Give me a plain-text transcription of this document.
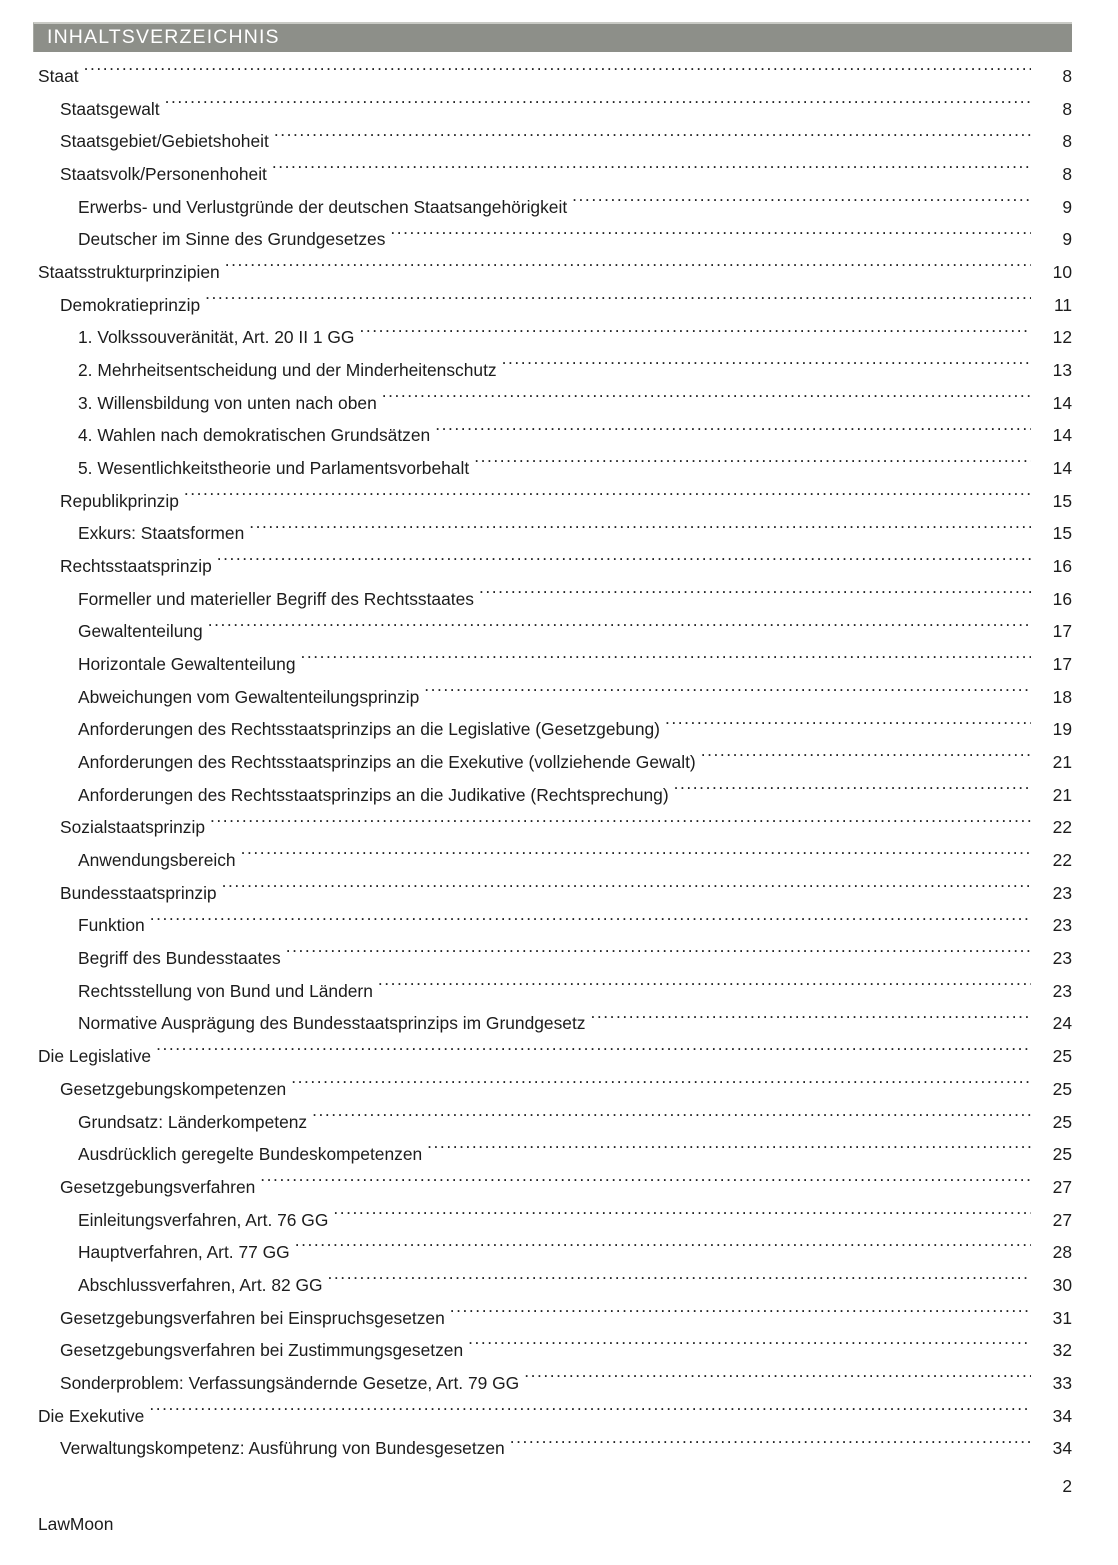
INHALTSVERZEICHNIS
Staat .....	8
Staatsgewalt .....	8
Staatsgebiet/Gebietshoheit .....	8
Staatsvolk/Personenhoheit .....	8
Erwerbs- und Verlustgründe der deutschen Staatsangehörigkeit .....	9
Deutscher im Sinne des Grundgesetzes .....	9
Staatsstrukturprinzipien .....	10
Demokratieprinzip .....	11
1. Volkssouveränität, Art. 20 II 1 GG .....	12
2. Mehrheitsentscheidung und der Minderheitenschutz .....	13
3. Willensbildung von unten nach oben .....	14
4. Wahlen nach demokratischen Grundsätzen .....	14
5. Wesentlichkeitstheorie und Parlamentsvorbehalt .....	14
Republikprinzip .....	15
Exkurs: Staatsformen .....	15
Rechtsstaatsprinzip .....	16
Formeller und materieller Begriff des Rechtsstaates .....	16
Gewaltenteilung .....	17
Horizontale Gewaltenteilung .....	17
Abweichungen vom Gewaltenteilungsprinzip .....	18
Anforderungen des Rechtsstaatsprinzips an die Legislative (Gesetzgebung) .....	19
Anforderungen des Rechtsstaatsprinzips an die Exekutive (vollziehende Gewalt) .....	21
Anforderungen des Rechtsstaatsprinzips an die Judikative (Rechtsprechung) .....	21
Sozialstaatsprinzip .....	22
Anwendungsbereich .....	22
Bundesstaatsprinzip .....	23
Funktion .....	23
Begriff des Bundesstaates .....	23
Rechtsstellung von Bund und Ländern .....	23
Normative Ausprägung des Bundesstaatsprinzips im Grundgesetz .....	24
Die Legislative .....	25
Gesetzgebungskompetenzen .....	25
Grundsatz: Länderkompetenz .....	25
Ausdrücklich geregelte Bundeskompetenzen .....	25
Gesetzgebungsverfahren .....	27
Einleitungsverfahren, Art. 76 GG .....	27
Hauptverfahren, Art. 77 GG .....	28
Abschlussverfahren, Art. 82 GG .....	30
Gesetzgebungsverfahren bei Einspruchsgesetzen .....	31
Gesetzgebungsverfahren bei Zustimmungsgesetzen .....	32
Sonderproblem: Verfassungsändernde Gesetze, Art. 79 GG .....	33
Die Exekutive .....	34
Verwaltungskompetenz: Ausführung von Bundesgesetzen .....	34
2
LawMoon
